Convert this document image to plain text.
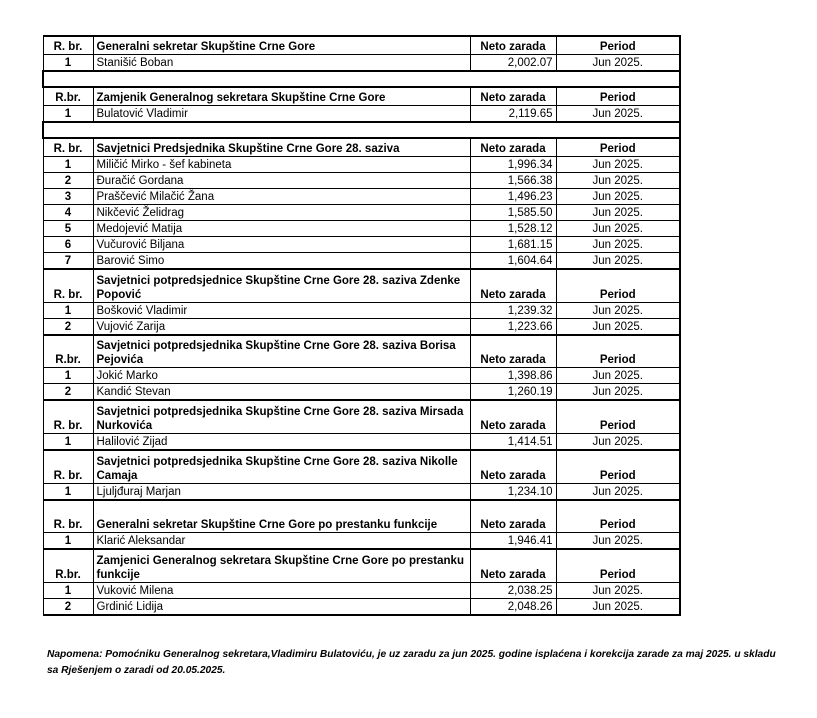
R. br.	Generalni sekretar Skupštine Crne Gore	Neto zarada	Period
1	Stanišić Boban	2,002.07	Jun 2025.

R.br.	Zamjenik Generalnog sekretara Skupštine Crne Gore	Neto zarada	Period
1	Bulatović Vladimir	2,119.65	Jun 2025.

R. br.	Savjetnici Predsjednika Skupštine Crne Gore 28. saziva	Neto zarada	Period
1	Miličić Mirko - šef kabineta	1,996.34	Jun 2025.
2	Đuračić Gordana	1,566.38	Jun 2025.
3	Praščević Milačić Žana	1,496.23	Jun 2025.
4	Nikčević Želidrag	1,585.50	Jun 2025.
5	Medojević Matija	1,528.12	Jun 2025.
6	Vučurović Biljana	1,681.15	Jun 2025.
7	Barović Simo	1,604.64	Jun 2025.
R. br.	Savjetnici potpredsjednice Skupštine Crne Gore 28. saziva Zdenke Popović	Neto zarada	Period
1	Bošković Vladimir	1,239.32	Jun 2025.
2	Vujović Zarija	1,223.66	Jun 2025.
R.br.	Savjetnici potpredsjednika Skupštine Crne Gore 28. saziva Borisa Pejovića	Neto zarada	Period
1	Jokić Marko	1,398.86	Jun 2025.
2	Kandić Stevan	1,260.19	Jun 2025.
R. br.	Savjetnici potpredsjednika Skupštine Crne Gore 28. saziva Mirsada Nurkovića	Neto zarada	Period
1	Halilović Zijad	1,414.51	Jun 2025.
R. br.	Savjetnici potpredsjednika Skupštine Crne Gore 28. saziva Nikolle Camaja	Neto zarada	Period
1	Ljuljđuraj Marjan	1,234.10	Jun 2025.
R. br.	Generalni sekretar Skupštine Crne Gore po prestanku funkcije	Neto zarada	Period
1	Klarić Aleksandar	1,946.41	Jun 2025.
R.br.	Zamjenici Generalnog sekretara Skupštine Crne Gore po prestanku funkcije	Neto zarada	Period
1	Vuković Milena	2,038.25	Jun 2025.
2	Grdinić Lidija	2,048.26	Jun 2025.
Napomena: Pomoćniku Generalnog sekretara,Vladimiru Bulatoviću, je uz zaradu za jun 2025. godine isplaćena i korekcija zarade za maj 2025. u skladu sa Rješenjem o zaradi od 20.05.2025.
